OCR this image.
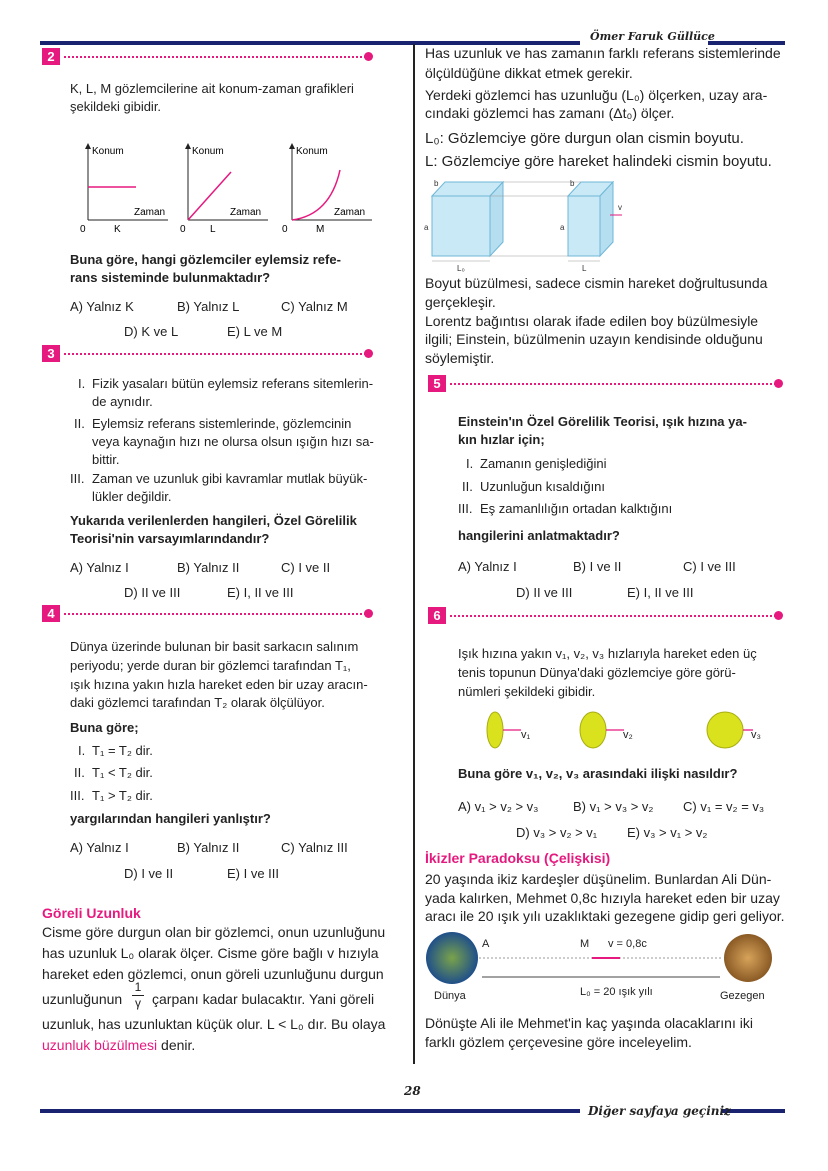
Ömer Faruk Güllüce
2
K, L, M gözlemcilerine ait konum-zaman grafikleri
şekildeki gibidir.
Konum
Zaman
0	K
Konum
Zaman
0 L
Konum
Zaman
0	M
Buna göre, hangi gözlemciler eylemsiz refe-
rans sisteminde bulunmaktadır?
A) Yalnız K	B) Yalnız L	C) Yalnız M
D) K ve L	E) L ve M
3
I. Fizik yasaları bütün eylemsiz referans sitemlerin-
de aynıdır.
II. Eylemsiz referans sistemlerinde, gözlemcinin
veya kaynağın hızı ne olursa olsun ışığın hızı sa-
bittir.
III. Zaman ve uzunluk gibi kavramlar mutlak büyük-
lükler değildir.
Yukarıda verilenlerden hangileri, Özel Görelilik
Teorisi'nin varsayımlarındandır?
A) Yalnız I	B) Yalnız II	C) I ve II
D) II ve III	E) I, II ve III
4
Dünya üzerinde bulunan bir basit sarkacın salınım
periyodu; yerde duran bir gözlemci tarafından T₁,
ışık hızına yakın hızla hareket eden bir uzay aracın-
daki gözlemci tarafından T₂ olarak ölçülüyor.
Buna göre;
I. T₁ = T₂ dir.
II. T₁ < T₂ dir.
III. T₁ > T₂ dir.
yargılarından hangileri yanlıştır?
A) Yalnız I	B) Yalnız II	C) Yalnız III
D) I ve II	E) I ve III
Göreli Uzunluk
Cisme göre durgun olan bir gözlemci, onun uzunluğunu
has uzunluk L₀ olarak ölçer. Cisme göre bağlı v hızıyla
hareket eden gözlemci, onun göreli uzunluğunu durgun
uzunluğunun $\frac{1}{\gamma}$ çarpanı kadar bulacaktır. Yani göreli
uzunluk, has uzunluktan küçük olur. L < L₀ dır. Bu olaya
uzunluk büzülmesi denir.
Has uzunluk ve has zamanın farklı referans sistemlerinde
ölçüldüğüne dikkat etmek gerekir.
Yerdeki gözlemci has uzunluğu (L₀) ölçerken, uzay ara-
cındaki gözlemci has zamanı (Δt₀) ölçer.
L₀: Gözlemciye göre durgun olan cismin boyutu.
L: Gözlemciye göre hareket halindeki cismin boyutu.
b	b
a	a
L₀	L
v
Boyut büzülmesi, sadece cismin hareket doğrultusunda
gerçekleşir.
Lorentz bağıntısı olarak ifade edilen boy büzülmesiyle
ilgili; Einstein, büzülmenin uzayın kendisinde olduğunu
söylemiştir.
5
Einstein'ın Özel Görelilik Teorisi, ışık hızına ya-
kın hızlar için;
I. Zamanın genişlediğini
II. Uzunluğun kısaldığını
III. Eş zamanlılığın ortadan kalktığını
hangilerini anlatmaktadır?
A) Yalnız I	B) I ve II	C) I ve III
D) II ve III	E) I, II ve III
6
Işık hızına yakın v₁, v₂, v₃ hızlarıyla hareket eden üç
tenis topunun Dünya'daki gözlemciye göre görü-
nümleri şekildeki gibidir.
v₁	v₂	v₃
Buna göre v₁, v₂, v₃ arasındaki ilişki nasıldır?
A) v₁ > v₂ > v₃	B) v₁ > v₃ > v₂ C) v₁ = v₂ = v₃
D) v₃ > v₂ > v₁ E) v₃ > v₁ > v₂
İkizler Paradoksu (Çelişkisi)
20 yaşında ikiz kardeşler düşünelim. Bunlardan Ali Dün-
yada kalırken, Mehmet 0,8c hızıyla hareket eden bir uzay
aracı ile 20 ışık yılı uzaklıktaki gezegene gidip geri geliyor.
A	M v = 0,8c
L₀ = 20 ışık yılı
Dünya	Gezegen
Dönüşte Ali ile Mehmet'in kaç yaşında olacaklarını iki
farklı gözlem çerçevesine göre inceleyelim.
28
Diğer sayfaya geçiniz
